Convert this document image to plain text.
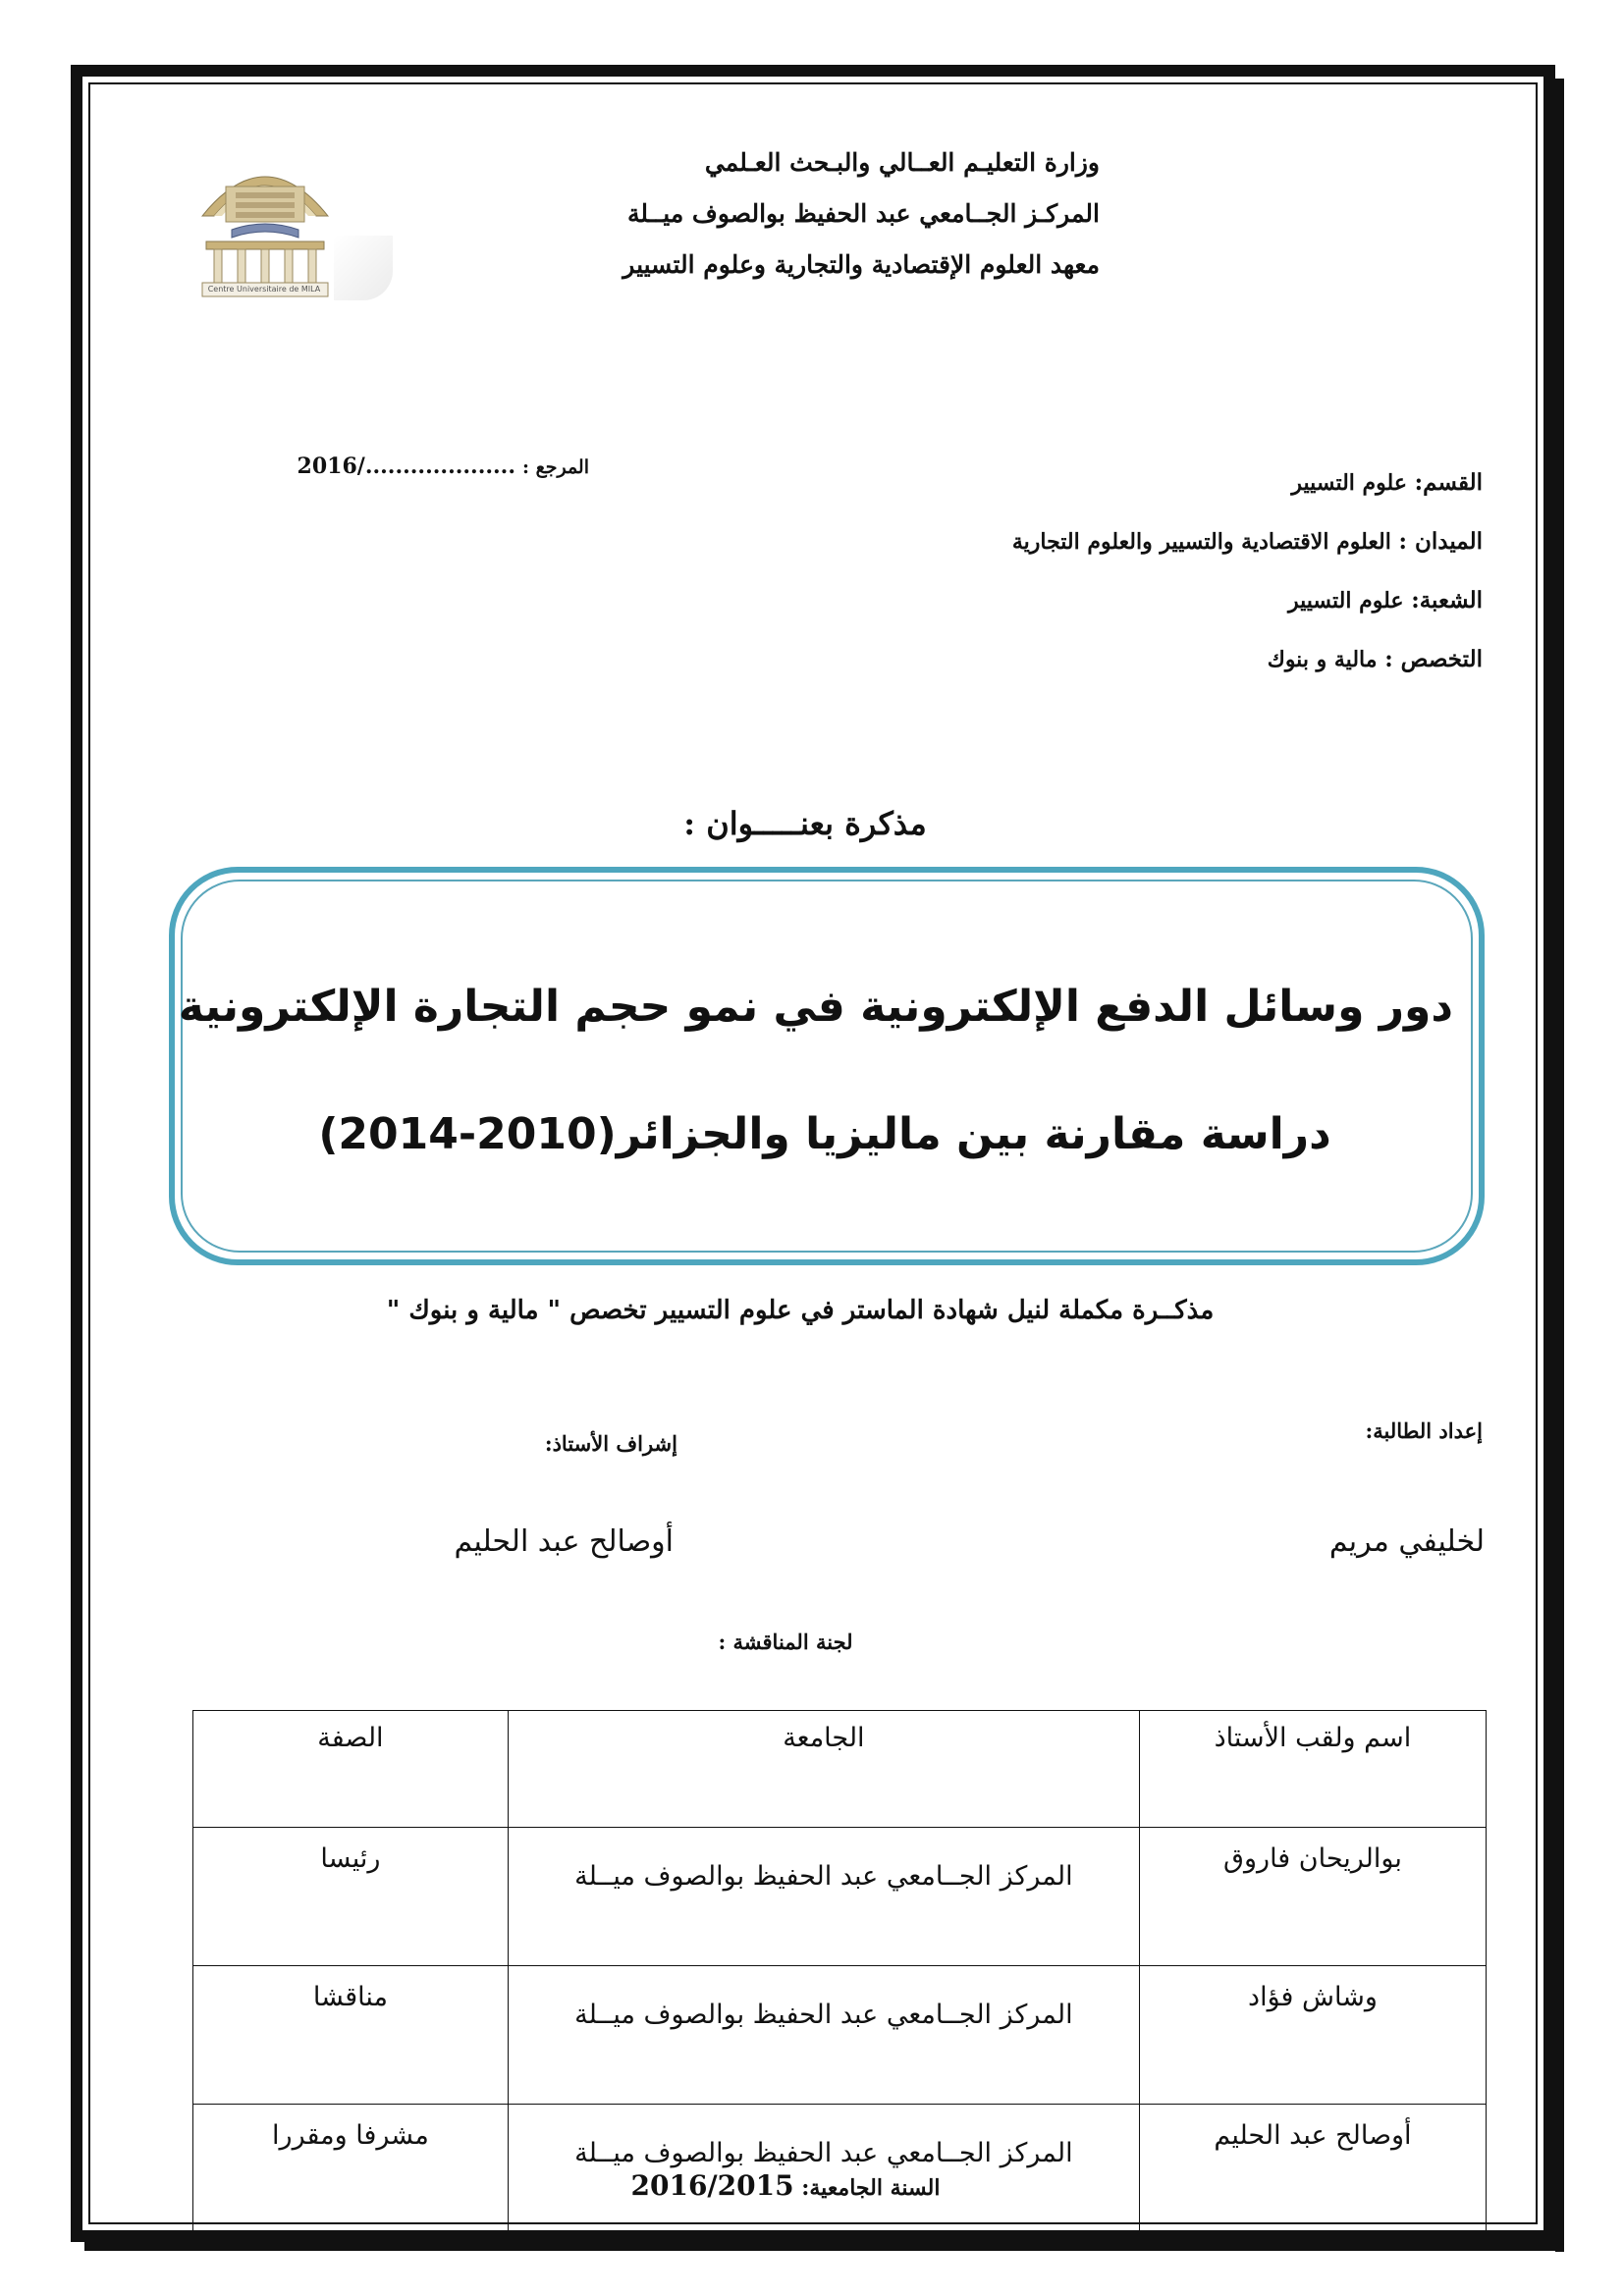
Centre Universitaire de MILA
وزارة التعليـم العــالي والبـحث العـلمي
المركـز الجــامعي عبد الحفيظ بوالصوف ميــلة
معهد العلوم الإقتصادية والتجارية وعلوم التسيير
المرجع : 2016/....................
القسم: علوم التسيير
الميدان : العلوم الاقتصادية والتسيير والعلوم التجارية
الشعبة: علوم التسيير
التخصص : مالية و بنوك
مذكرة بعنـــــوان :
دور وسائل الدفع الإلكترونية في نمو حجم التجارة الإلكترونية
دراسة مقارنة بين ماليزيا والجزائر(2010-2014)
مذكــرة مكملة لنيل شهادة الماستر في علوم التسيير تخصص " مالية و بنوك "
إعداد الطالبة:
إشراف الأستاذ:
لخليفي مريم
أوصالح عبد الحليم
لجنة المناقشة :
اسم ولقب الأستاذ	الجامعة	الصفة
بوالريحان فاروق	المركز الجــامعي عبد الحفيظ بوالصوف ميــلة	رئيسا
وشاش فؤاد	المركز الجــامعي عبد الحفيظ بوالصوف ميــلة	مناقشا
أوصالح عبد الحليم	المركز الجــامعي عبد الحفيظ بوالصوف ميــلة	مشرفا ومقررا
السنة الجامعية: 2016/2015
